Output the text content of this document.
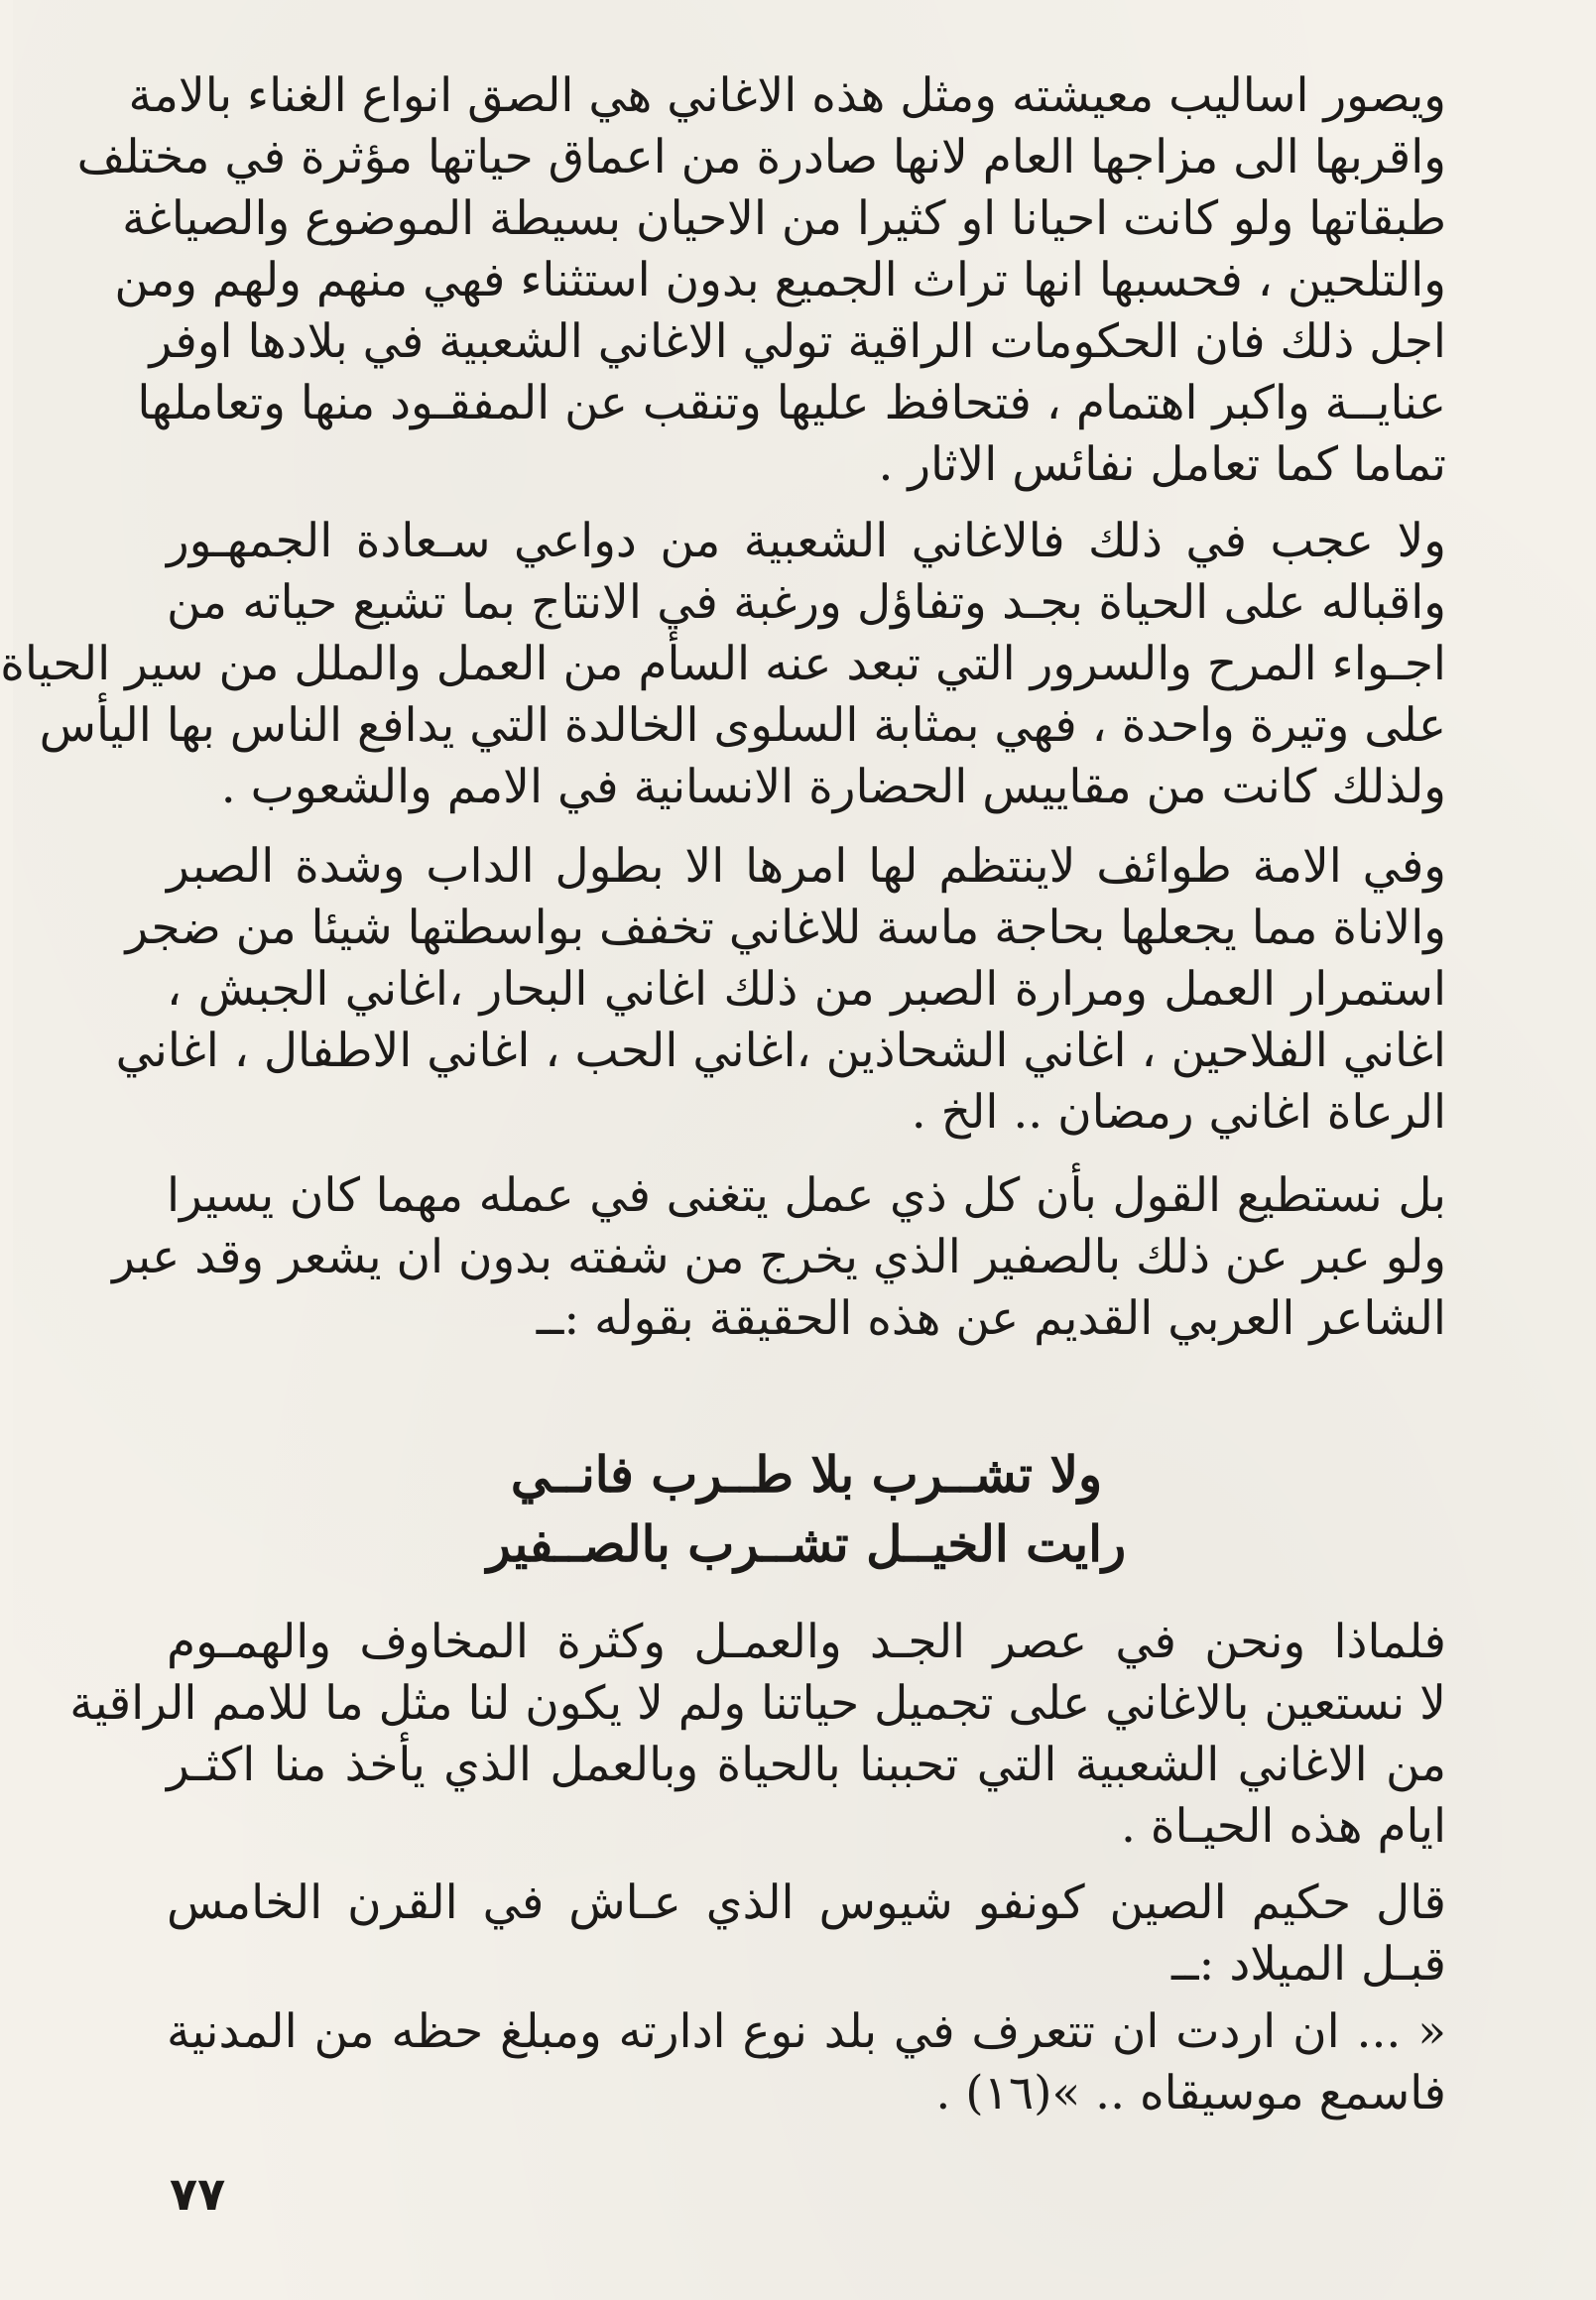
ويصور اساليب معيشته ومثل هذه الاغاني هي الصق انواع الغناء بالامة
واقربها الى مزاجها العام لانها صادرة من اعماق حياتها مؤثرة في مختلف
طبقاتها ولو كانت احيانا او كثيرا من الاحيان بسيطة الموضوع والصياغة
والتلحين ، فحسبها انها تراث الجميع بدون استثناء فهي منهم ولهم ومن
اجل ذلك فان الحكومات الراقية تولي الاغاني الشعبية في بلادها اوفر
عنايــة واكبر اهتمام ، فتحافظ عليها وتنقب عن المفقـود منها وتعاملها
تماما كما تعامل نفائس الاثار .
ولا عجب في ذلك فالاغاني الشعبية من دواعي سـعادة الجمهـور
واقباله على الحياة بجـد وتفاؤل ورغبة في الانتاج بما تشيع حياته من
اجـواء المرح والسرور التي تبعد عنه السأم من العمل والملل من سير الحياة
على وتيرة واحدة ، فهي بمثابة السلوى الخالدة التي يدافع الناس بها اليأس
ولذلك كانت من مقاييس الحضارة الانسانية في الامم والشعوب .
وفي الامة طوائف لاينتظم لها امرها الا بطول الداب وشدة الصبر
والاناة مما يجعلها بحاجة ماسة للاغاني تخفف بواسطتها شيئا من ضجر
استمرار العمل ومرارة الصبر من ذلك اغاني البحار ،اغاني الجبش ،
اغاني الفلاحين ، اغاني الشحاذين ،اغاني الحب ، اغاني الاطفال ، اغاني
الرعاة اغاني رمضان .. الخ .
بل نستطيع القول بأن كل ذي عمل يتغنى في عمله مهما كان يسيرا
ولو عبر عن ذلك بالصفير الذي يخرج من شفته بدون ان يشعر وقد عبر
الشاعر العربي القديم عن هذه الحقيقة بقوله :ــ
ولا تشــرب بلا طــرب فانــي
رايت الخيــل تشــرب بالصــفير
فلماذا ونحن في عصر الجـد والعمـل وكثرة المخاوف والهمـوم
لا نستعين بالاغاني على تجميل حياتنا ولم لا يكون لنا مثل ما للامم الراقية
من الاغاني الشعبية التي تحببنا بالحياة وبالعمل الذي يأخذ منا اكثـر
ايام هذه الحيـاة .
قال حكيم الصين كونفو شيوس الذي عـاش في القرن الخامس
قبـل الميلاد :ــ
« ... ان اردت ان تتعرف في بلد نوع ادارته ومبلغ حظه من المدنية
فاسمع موسيقاه .. »(١٦) .
٧٧
